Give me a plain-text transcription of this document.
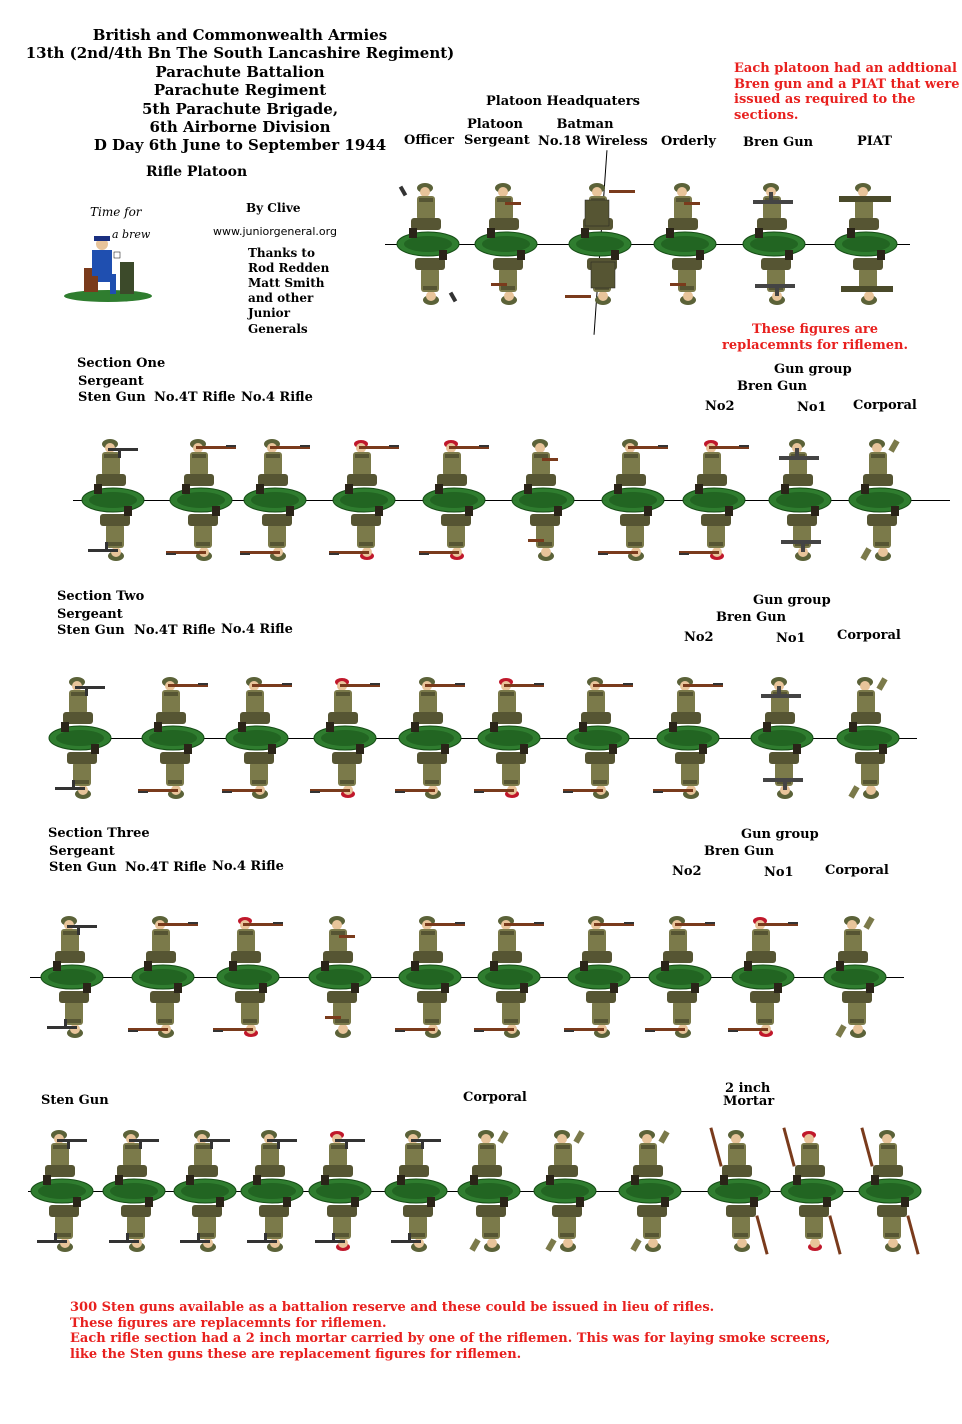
British and Commonwealth Armies
13th (2nd/4th Bn The South Lancashire Regiment)
Parachute Battalion
Parachute Regiment
5th Parachute Brigade,
6th Airborne Division
D Day 6th June to September 1944
Rifle Platoon
Time for
a brew
By Clive
www.juniorgeneral.org
Thanks to
Rod Redden
Matt Smith
and other
Junior
Generals
Each platoon had an addtional
Bren gun and a PIAT that were
issued as required to the
sections.
Platoon Headquaters
Officer
Platoon
Sergeant
Batman
No.18 Wireless Orderly Bren Gun	PIAT
These figures are
replacemnts for riflemen.
Section One
Sergeant
Sten Gun No.4T Rifle No.4 Rifle
Gun group
Bren Gun
No2	No1 Corporal
Section Two
Sergeant
Sten Gun No.4T Rifle No.4 Rifle
Gun group
Bren Gun
No2	No1 Corporal
Section Three
Sergeant
Sten Gun No.4T Rifle No.4 Rifle
Gun group
Bren Gun
No2	No1 Corporal
Sten Gun	Corporal
2 inch
Mortar
300 Sten guns available as a battalion reserve and these could be issued in lieu of rifles.
These figures are replacemnts for riflemen.
Each rifle section had a 2 inch mortar carried by one of the riflemen. This was for laying smoke screens,
like the Sten guns these are replacement figures for riflemen.
